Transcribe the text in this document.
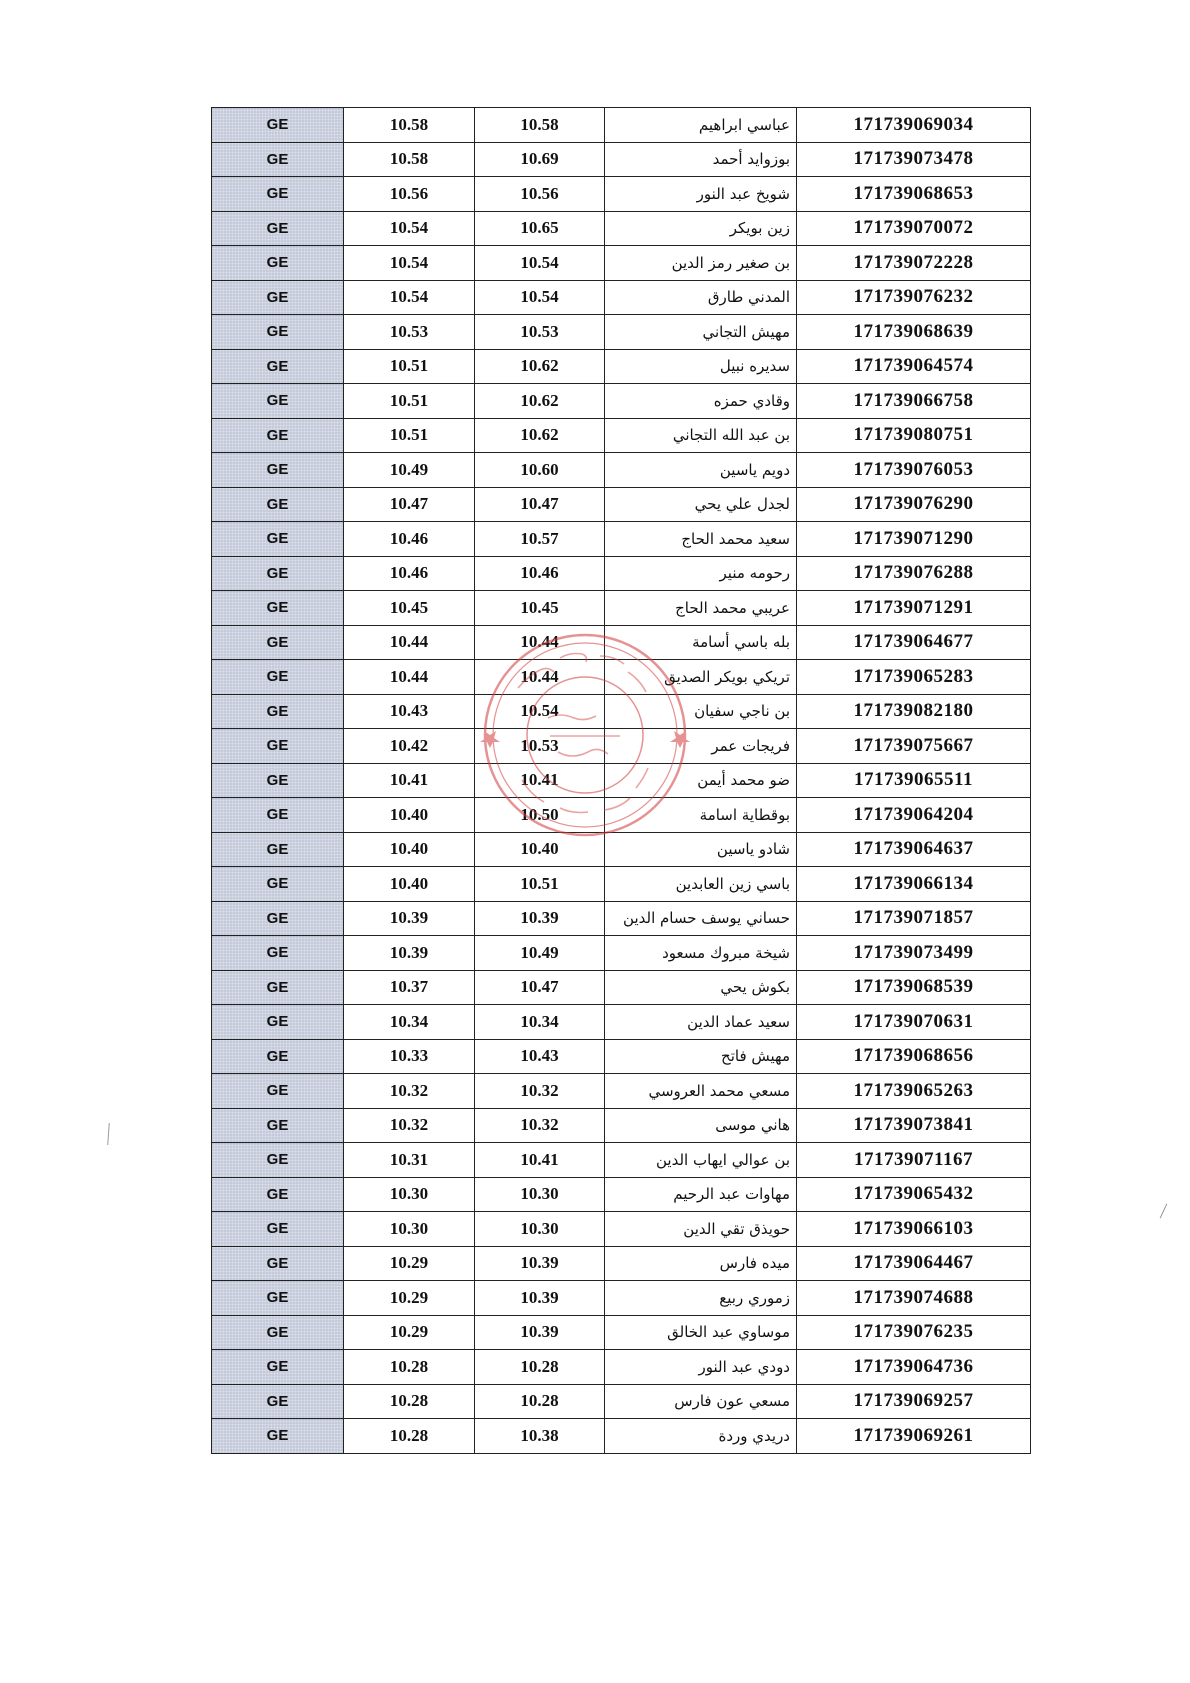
GE	10.58	10.58	عباسي ابراهيم	171739069034
GE	10.58	10.69	بوزوايد أحمد	171739073478
GE	10.56	10.56	شويخ عبد النور	171739068653
GE	10.54	10.65	زين بويكر	171739070072
GE	10.54	10.54	بن صغير رمز الدين	171739072228
GE	10.54	10.54	المدني طارق	171739076232
GE	10.53	10.53	مهيش التجاني	171739068639
GE	10.51	10.62	سديره نبيل	171739064574
GE	10.51	10.62	وقادي حمزه	171739066758
GE	10.51	10.62	بن عبد الله التجاني	171739080751
GE	10.49	10.60	دويم ياسين	171739076053
GE	10.47	10.47	لجدل علي يحي	171739076290
GE	10.46	10.57	سعيد محمد الحاج	171739071290
GE	10.46	10.46	رحومه منير	171739076288
GE	10.45	10.45	عريبي محمد الحاج	171739071291
GE	10.44	10.44	بله باسي أسامة	171739064677
GE	10.44	10.44	تريكي بويكر الصديق	171739065283
GE	10.43	10.54	بن ناجي سفيان	171739082180
GE	10.42	10.53	فريجات عمر	171739075667
GE	10.41	10.41	ضو محمد أيمن	171739065511
GE	10.40	10.50	بوقطاية اسامة	171739064204
GE	10.40	10.40	شادو ياسين	171739064637
GE	10.40	10.51	باسي زين العابدين	171739066134
GE	10.39	10.39	حساني يوسف حسام الدين	171739071857
GE	10.39	10.49	شيخة مبروك مسعود	171739073499
GE	10.37	10.47	بكوش يحي	171739068539
GE	10.34	10.34	سعيد عماد الدين	171739070631
GE	10.33	10.43	مهيش فاتح	171739068656
GE	10.32	10.32	مسعي محمد العروسي	171739065263
GE	10.32	10.32	هاني موسى	171739073841
GE	10.31	10.41	بن عوالي ايهاب الدين	171739071167
GE	10.30	10.30	مهاوات عبد الرحيم	171739065432
GE	10.30	10.30	حويذق تقي الدين	171739066103
GE	10.29	10.39	ميده فارس	171739064467
GE	10.29	10.39	زموري ربيع	171739074688
GE	10.29	10.39	موساوي عبد الخالق	171739076235
GE	10.28	10.28	دودي عبد النور	171739064736
GE	10.28	10.28	مسعي عون فارس	171739069257
GE	10.28	10.38	دريدي وردة	171739069261
